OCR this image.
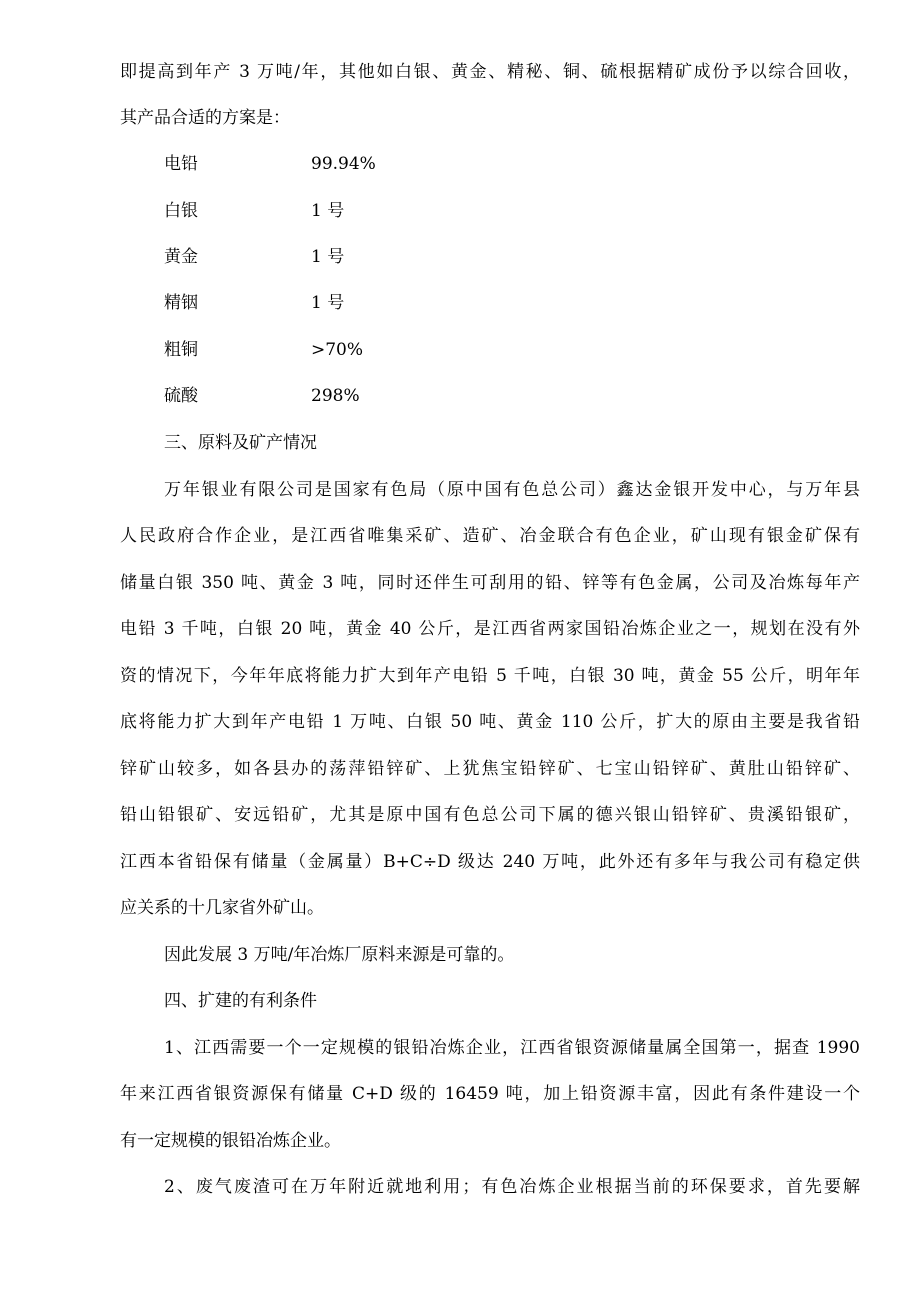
即提高到年产 3 万吨/年，其他如白银、黄金、精秘、铜、硫根据精矿成份予以综合回收，
其产品合适的方案是：
电铅	99.94%
白银	1 号
黄金	1 号
精铟	1 号
粗铜	>70%
硫酸	298%
三、原料及矿产情况
万年银业有限公司是国家有色局（原中国有色总公司）鑫达金银开发中心，与万年县
人民政府合作企业，是江西省唯集采矿、造矿、冶金联合有色企业，矿山现有银金矿保有
储量白银 350 吨、黄金 3 吨，同时还伴生可刮用的铅、锌等有色金属，公司及冶炼每年产
电铅 3 千吨，白银 20 吨，黄金 40 公斤，是江西省两家国铅冶炼企业之一，规划在没有外
资的情况下，今年年底将能力扩大到年产电铅 5 千吨，白银 30 吨，黄金 55 公斤，明年年
底将能力扩大到年产电铅 1 万吨、白银 50 吨、黄金 110 公斤，扩大的原由主要是我省铅
锌矿山较多，如各县办的荡萍铅锌矿、上犹焦宝铅锌矿、七宝山铅锌矿、黄肚山铅锌矿、
铅山铅银矿、安远铅矿，尤其是原中国有色总公司下属的德兴银山铅锌矿、贵溪铅银矿，
江西本省铅保有储量（金属量）B+C÷D 级达 240 万吨，此外还有多年与我公司有稳定供
应关系的十几家省外矿山。
因此发展 3 万吨/年冶炼厂原料来源是可靠的。
四、扩建的有利条件
1、江西需要一个一定规模的银铅冶炼企业，江西省银资源储量属全国第一，据查 1990
年来江西省银资源保有储量 C+D 级的 16459 吨，加上铅资源丰富，因此有条件建设一个
有一定规模的银铅冶炼企业。
2、废气废渣可在万年附近就地利用；有色冶炼企业根据当前的环保要求，首先要解
